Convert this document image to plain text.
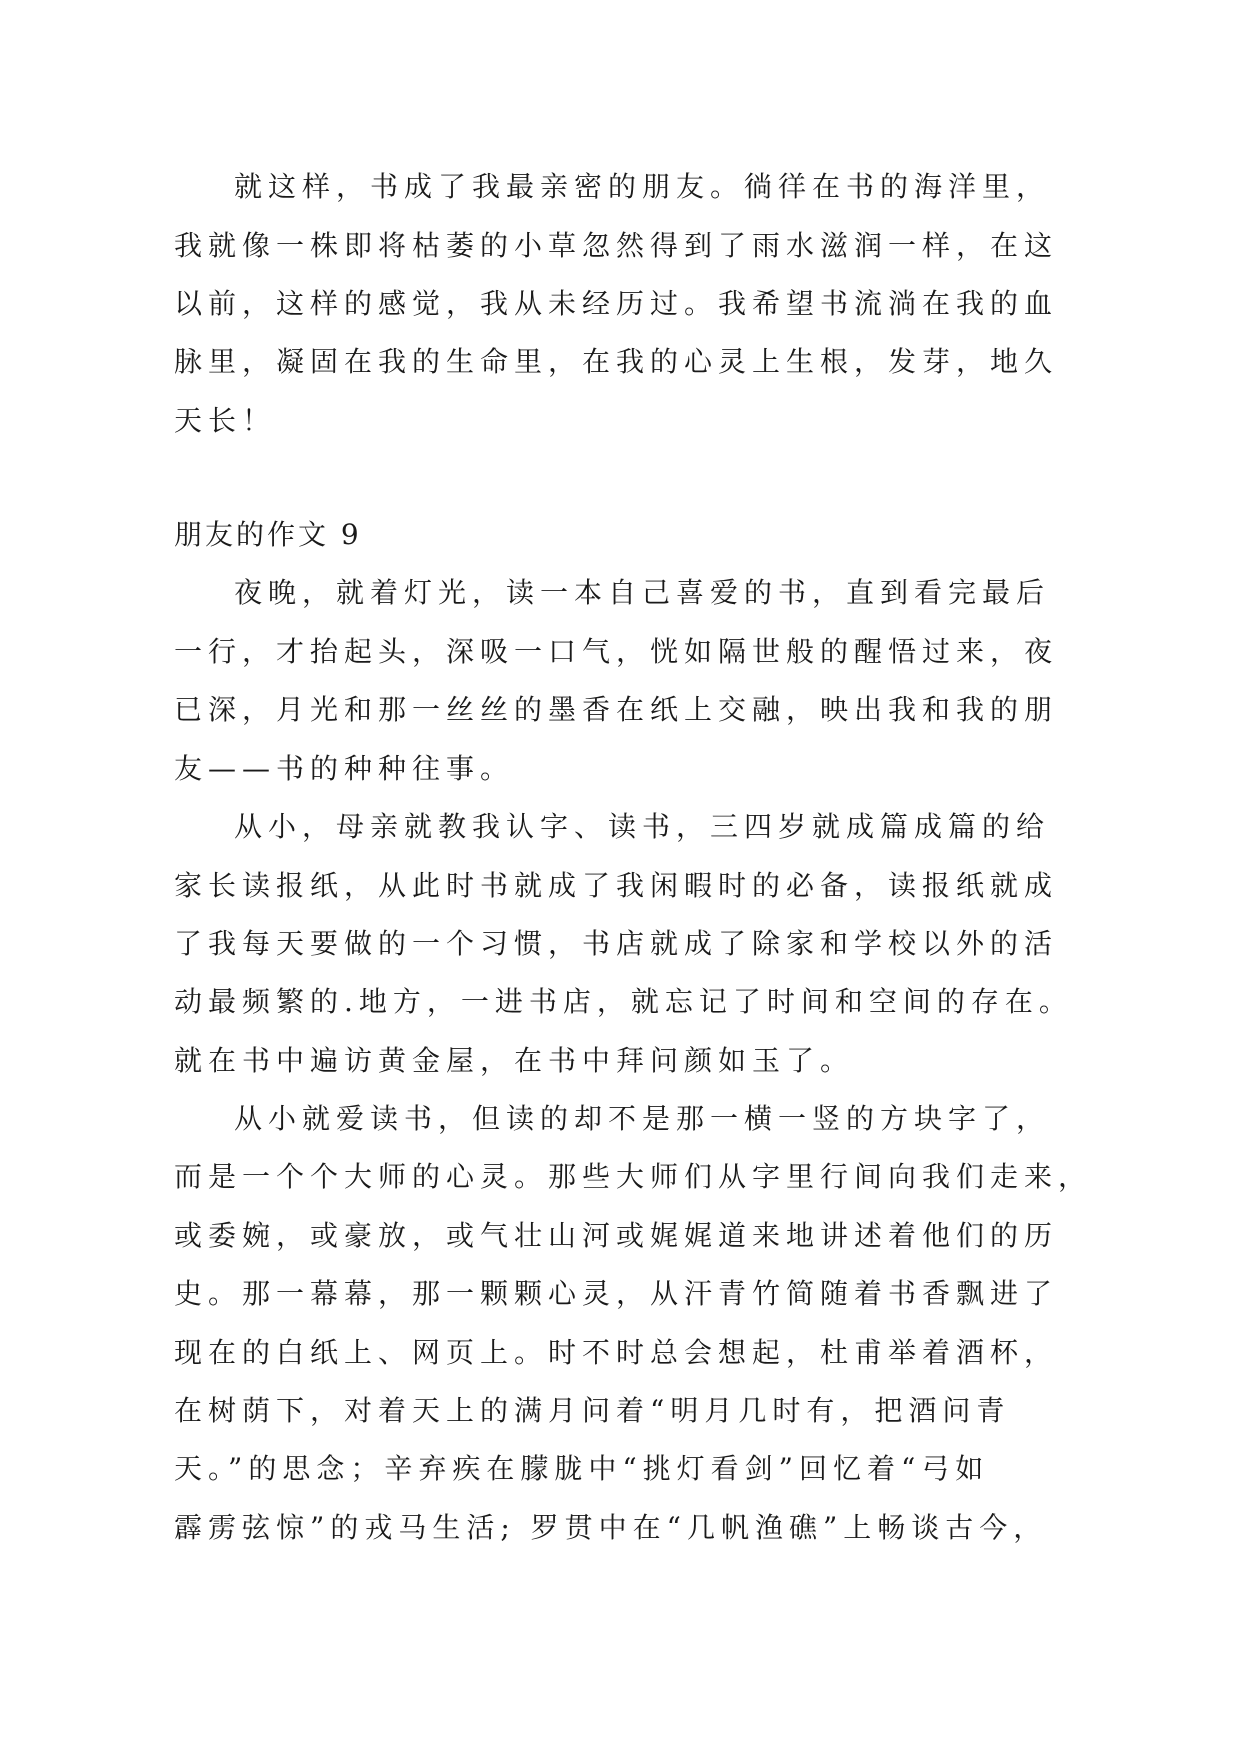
就这样，书成了我最亲密的朋友。徜徉在书的海洋里，
我就像一株即将枯萎的小草忽然得到了雨水滋润一样，在这
以前，这样的感觉，我从未经历过。我希望书流淌在我的血
脉里，凝固在我的生命里，在我的心灵上生根，发芽，地久
天长！
朋友的作文 9
夜晚，就着灯光，读一本自己喜爱的书，直到看完最后
一行，才抬起头，深吸一口气，恍如隔世般的醒悟过来，夜
已深，月光和那一丝丝的墨香在纸上交融，映出我和我的朋
友——书的种种往事。
从小，母亲就教我认字、读书，三四岁就成篇成篇的给
家长读报纸，从此时书就成了我闲暇时的必备，读报纸就成
了我每天要做的一个习惯，书店就成了除家和学校以外的活
动最频繁的.地方，一进书店，就忘记了时间和空间的存在。
就在书中遍访黄金屋，在书中拜问颜如玉了。
从小就爱读书，但读的却不是那一横一竖的方块字了，
而是一个个大师的心灵。那些大师们从字里行间向我们走来，
或委婉，或豪放，或气壮山河或娓娓道来地讲述着他们的历
史。那一幕幕，那一颗颗心灵，从汗青竹简随着书香飘进了
现在的白纸上、网页上。时不时总会想起，杜甫举着酒杯，
在树荫下，对着天上的满月问着“明月几时有，把酒问青
天。”的思念；辛弃疾在朦胧中“挑灯看剑”回忆着“弓如
霹雳弦惊”的戎马生活; 罗贯中在“几帆渔礁”上畅谈古今，
